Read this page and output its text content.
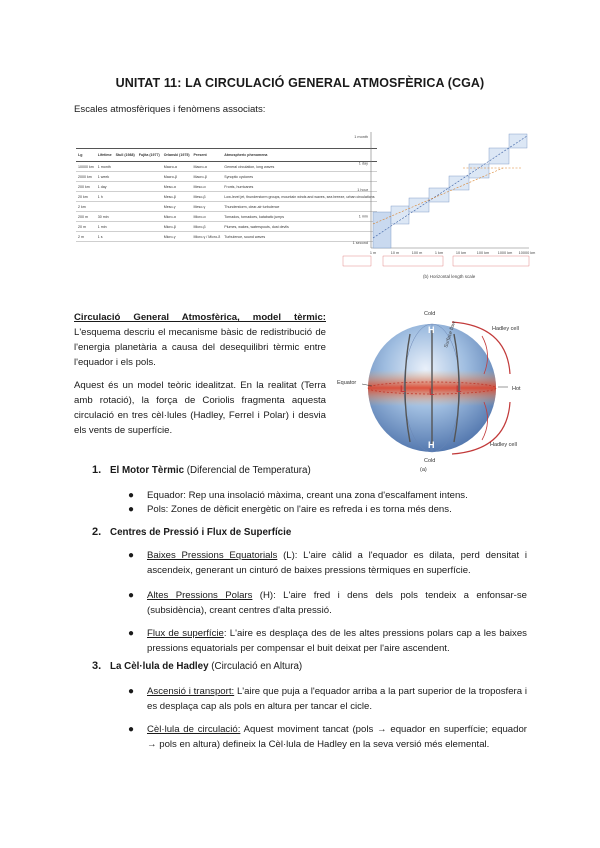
UNITAT 11: LA CIRCULACIÓ GENERAL ATMOSFÈRICA (CGA)
Escales atmosfèriques i fenòmens associats:
Lg	Lifetime	Stull (1988)	Fujita (1977)	Orlanski (1975)	Present	Atmospheric phenomena
10000 km	1 month			Macro-α	Macro-α	General circulation, long waves
2000 km	1 week			Macro-β	Macro-β	Synoptic cyclones
200 km	1 day			Meso-α	Meso-α	Fronts, hurricanes
20 km	1 h			Meso-β	Meso-β	Low-level jet, thunderstorm groups, mountain winds and waves, sea breeze, urban circulations
2 km				Meso-γ	Meso-γ	Thunderstorm, clear-air turbulence
200 m	30 min			Micro-α	Micro-α	Tornados, tornadoes, katabatic jumps
20 m	1 min			Micro-β	Micro-β	Plumes, wakes, waterspouts, dust devils
2 m	1 s			Micro-γ	Micro-γ / Micro-δ	Turbulence, sound waves
1 m	10 m	100 m	1 km	10 km	100 km 1000 km 10000 km
1 month
1 day
1 hour
1 min
1 second
(b) Horizontal length scale
Circulació General Atmosfèrica, model tèrmic: L'esquema descriu el mecanisme bàsic de redistribució de l'energia planetària a causa del desequilibri tèrmic entre l'equador i els pols.
Aquest és un model teòric idealitzat. En la realitat (Terra amb rotació), la força de Coriolis fragmenta aquesta circulació en tres cèl·lules (Hadley, Ferrel i Polar) i desvia els vents de superfície.
Cold
Hadley cell
Equator
Hot
Hadley cell
Cold
(a)
Surface flow
H
H
L	L L
1. El Motor Tèrmic (Diferencial de Temperatura)
● Equador: Rep una insolació màxima, creant una zona d'escalfament intens.
● Pols: Zones de dèficit energètic on l'aire es refreda i es torna més dens.
2. Centres de Pressió i Flux de Superfície
● Baixes Pressions Equatorials (L): L'aire càlid a l'equador es dilata, perd densitat i ascendeix, generant un cinturó de baixes pressions tèrmiques en superfície.
● Altes Pressions Polars (H): L'aire fred i dens dels pols tendeix a enfonsar-se (subsidència), creant centres d'alta pressió.
● Flux de superfície: L'aire es desplaça des de les altes pressions polars cap a les baixes pressions equatorials per compensar el buit deixat per l'aire ascendent.
3. La Cèl·lula de Hadley (Circulació en Altura)
● Ascensió i transport: L'aire que puja a l'equador arriba a la part superior de la troposfera i es desplaça cap als pols en altura per tancar el cicle.
● Cèl·lula de circulació: Aquest moviment tancat (pols → equador en superfície; equador → pols en altura) defineix la Cèl·lula de Hadley en la seva versió més elemental.
